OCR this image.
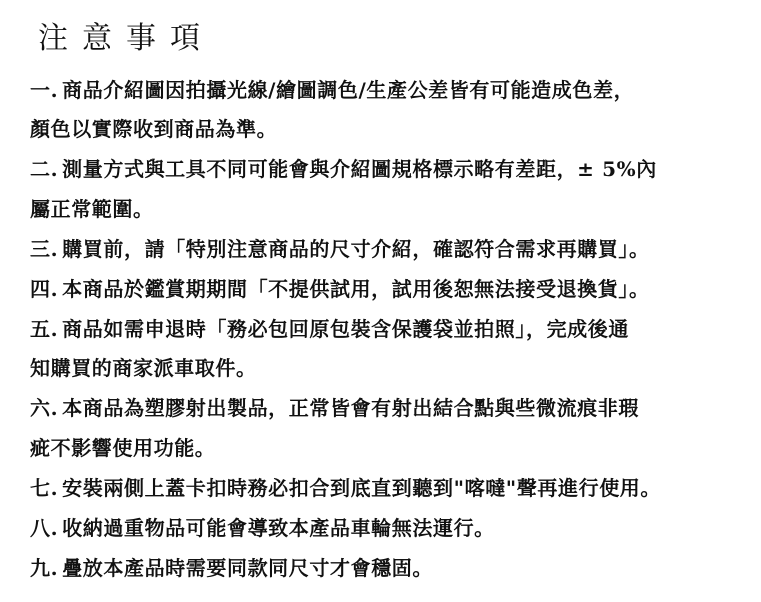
注意事項

一. 商品介紹圖因拍攝光線/繪圖調色/生產公差皆有可能造成色差，

顏色以實際收到商品為準。

二. 測量方式與工具不同可能會與介紹圖規格標示略有差距，± 5%內

屬正常範圍。

三. 購買前，請「特別注意商品的尺寸介紹，確認符合需求再購買」。

四. 本商品於鑑賞期期間「不提供試用，試用後恕無法接受退換貨」。

五. 商品如需申退時「務必包回原包裝含保護袋並拍照」，完成後通

知購買的商家派車取件。

六. 本商品為塑膠射出製品，正常皆會有射出結合點與些微流痕非瑕

疵不影響使用功能。

七. 安裝兩側上蓋卡扣時務必扣合到底直到聽到"喀噠"聲再進行使用。

八. 收納過重物品可能會導致本產品車輪無法運行。

九. 疊放本產品時需要同款同尺寸才會穩固。
